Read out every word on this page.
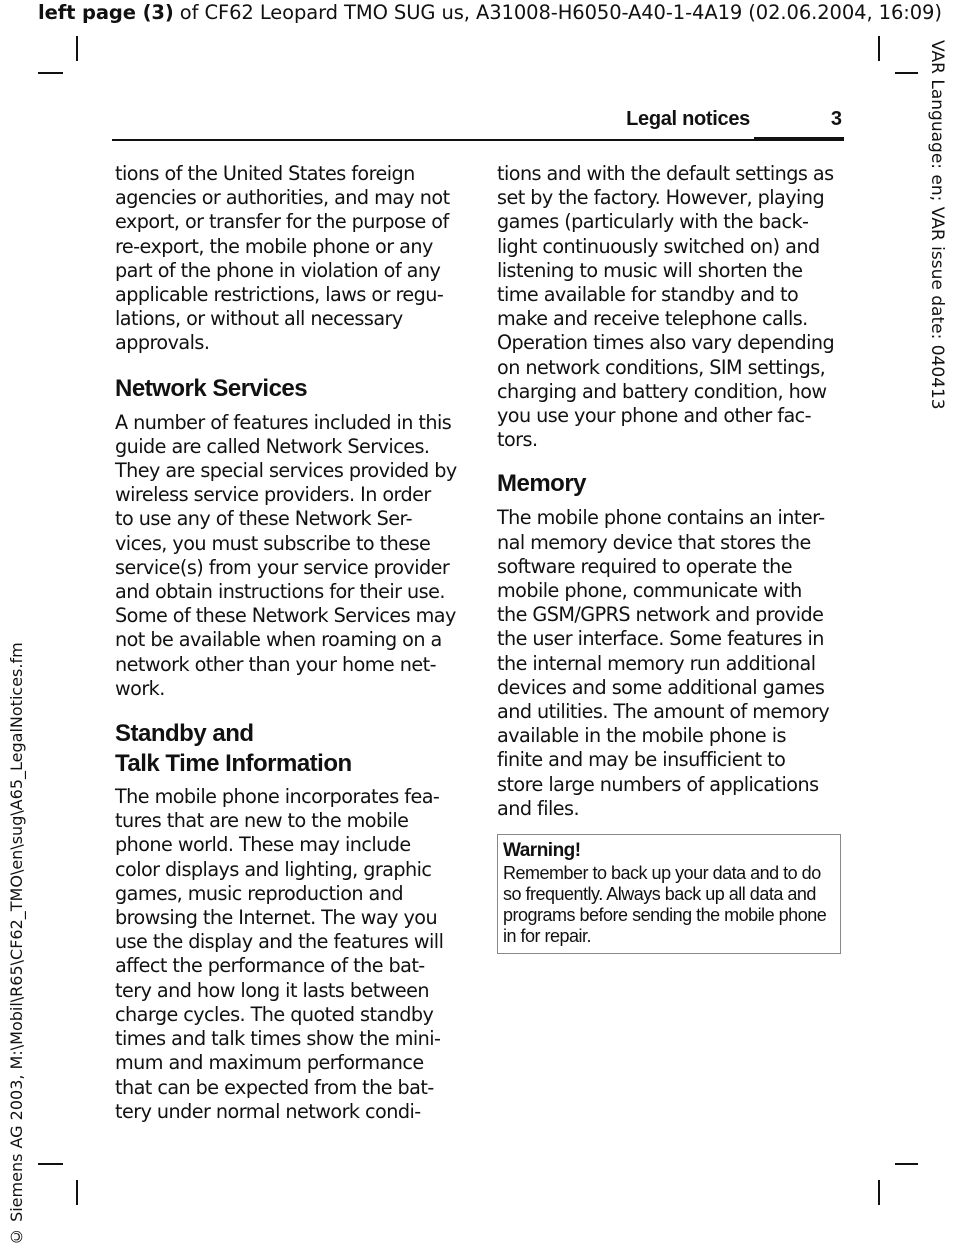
left page (3) of CF62 Leopard TMO SUG us, A31008-H6050-A40-1-4A19 (02.06.2004, 16:09)
VAR Language: en; VAR issue date: 040413
© Siemens AG 2003, M:\Mobil\R65\CF62_TMO\en\sug\A65_LegalNotices.fm
Legal notices	3

tions of the United States foreign
agencies or authorities, and may not
export, or transfer for the purpose of
re-export, the mobile phone or any
part of the phone in violation of any
applicable restrictions, laws or regu-
lations, or without all necessary
approvals.

Network Services

A number of features included in this
guide are called Network Services.
They are special services provided by
wireless service providers. In order
to use any of these Network Ser-
vices, you must subscribe to these
service(s) from your service provider
and obtain instructions for their use.
Some of these Network Services may
not be available when roaming on a
network other than your home net-
work.

Standby and
Talk Time Information

The mobile phone incorporates fea-
tures that are new to the mobile
phone world. These may include
color displays and lighting, graphic
games, music reproduction and
browsing the Internet. The way you
use the display and the features will
affect the performance of the bat-
tery and how long it lasts between
charge cycles. The quoted standby
times and talk times show the mini-
mum and maximum performance
that can be expected from the bat-
tery under normal network condi-

tions and with the default settings as
set by the factory. However, playing
games (particularly with the back-
light continuously switched on) and
listening to music will shorten the
time available for standby and to
make and receive telephone calls.
Operation times also vary depending
on network conditions, SIM settings,
charging and battery condition, how
you use your phone and other fac-
tors.

Memory

The mobile phone contains an inter-
nal memory device that stores the
software required to operate the
mobile phone, communicate with
the GSM/GPRS network and provide
the user interface. Some features in
the internal memory run additional
devices and some additional games
and utilities. The amount of memory
available in the mobile phone is
finite and may be insufficient to
store large numbers of applications
and files.

Warning!

Remember to back up your data and to do
so frequently. Always back up all data and
programs before sending the mobile phone
in for repair.
